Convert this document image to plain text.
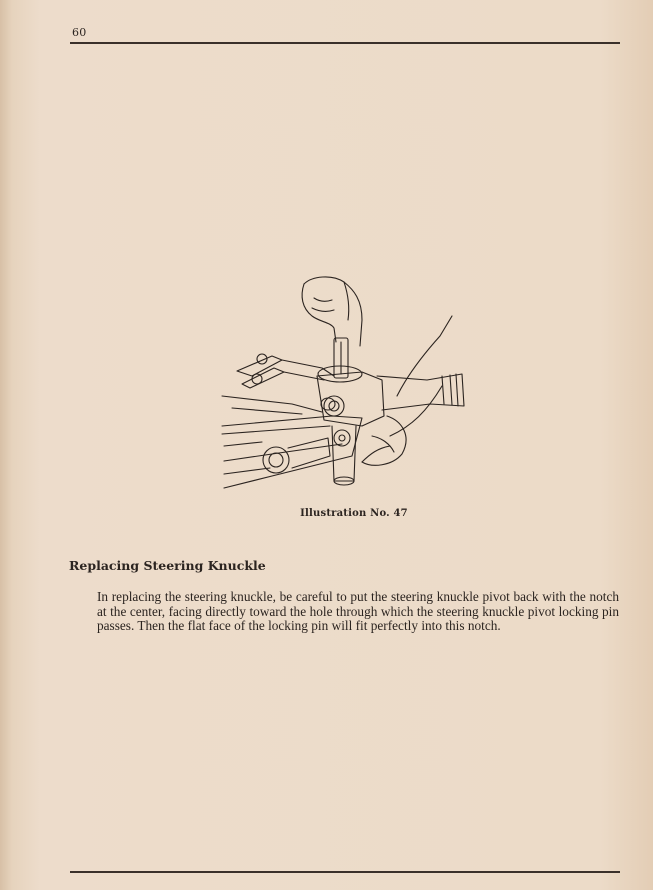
60
Illustration No. 47
Replacing Steering Knuckle
In replacing the steering knuckle, be careful to put the steering knuckle pivot back with the notch at the center, facing directly toward the hole through which the steering knuckle pivot locking pin passes. Then the flat face of the locking pin will fit perfectly into this notch.
